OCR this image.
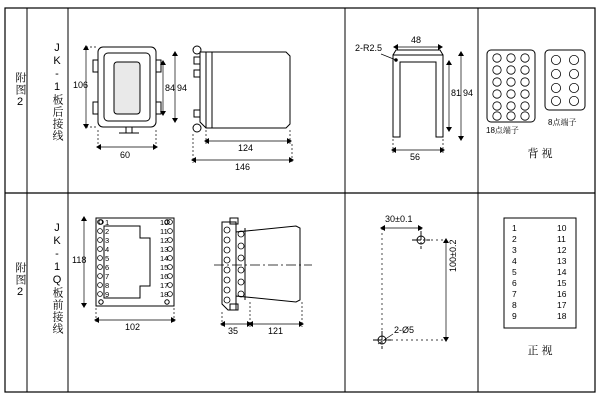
附图2	JK-1板后接线
附图2	JK-1Q板前接线
106	84 94
60
124
146
2-R2.5
48
81 94
56
18点端子
8点端子
背 视
118
102
1
2
3
4
5
6
7
8
9
10
11
12
13
14
15
16
17
18
35	121
30±0.1
100±0.2
2-Ø5
1
2
3
4
5
6
7
8
9
10
11
12
13
14
15
16
17
18
正 视
